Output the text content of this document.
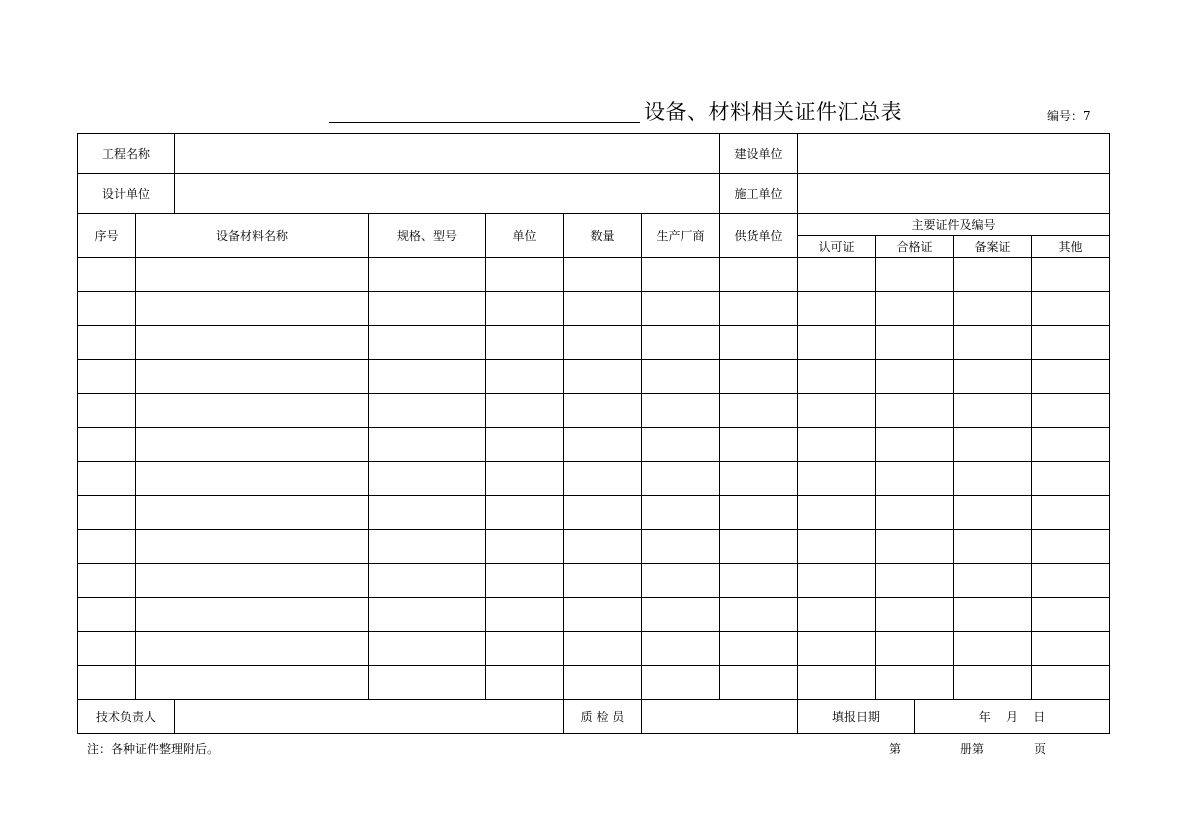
设备、材料相关证件汇总表	编号：7
工程名称							建设单位					
设计单位							施工单位					
序号	设备材料名称		规格、型号	单位	数量	生产厂商	供货单位	主要证件及编号				
								认可证	合格证		备案证	其他

技术负责人					质 检 员			填报日期		年 月 日		
注：各种证件整理附后。	第	册第	页
